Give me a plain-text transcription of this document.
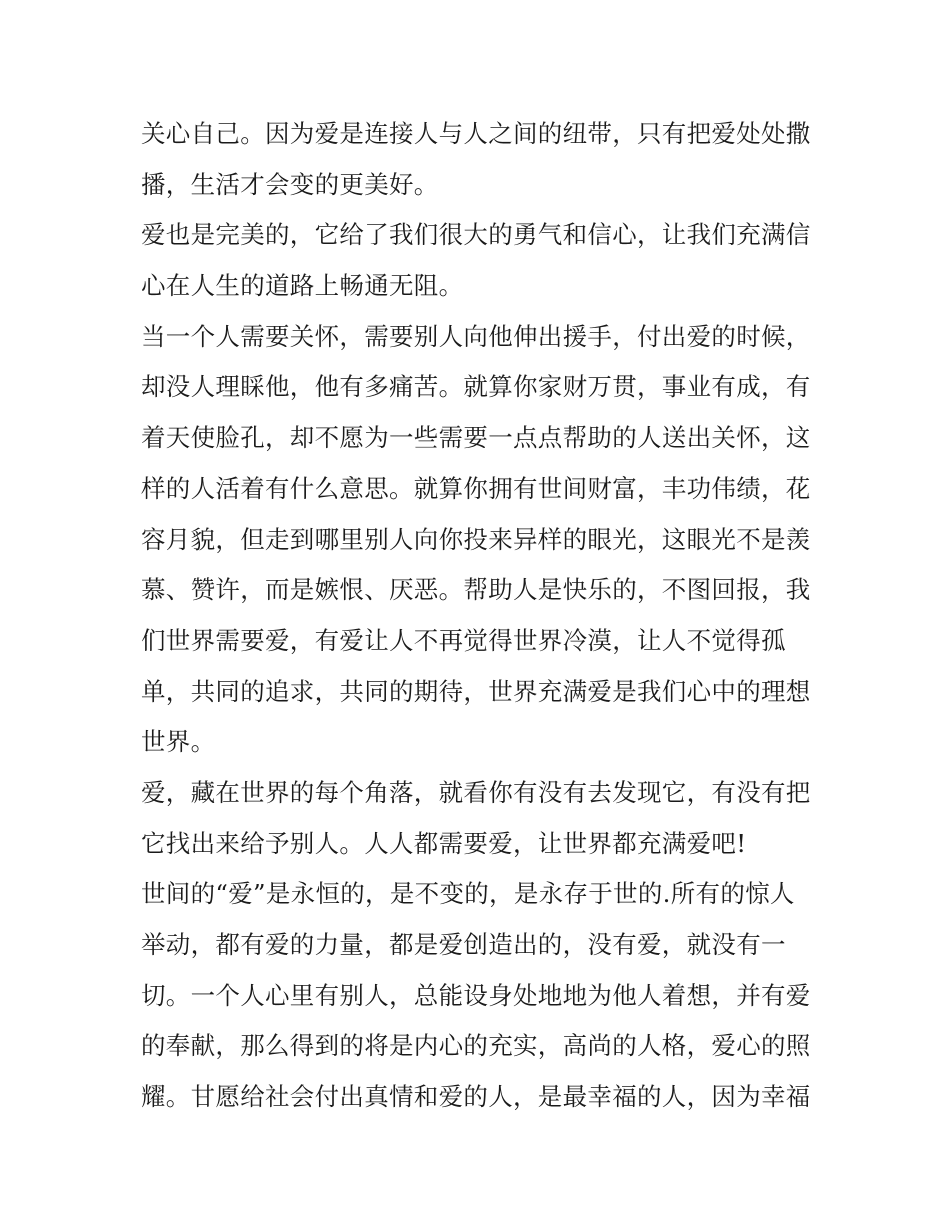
关心自己。因为爱是连接人与人之间的纽带，只有把爱处处撒
播，生活才会变的更美好。
爱也是完美的，它给了我们很大的勇气和信心，让我们充满信
心在人生的道路上畅通无阻。
当一个人需要关怀，需要别人向他伸出援手，付出爱的时候，
却没人理睬他，他有多痛苦。就算你家财万贯，事业有成，有
着天使脸孔，却不愿为一些需要一点点帮助的人送出关怀，这
样的人活着有什么意思。就算你拥有世间财富，丰功伟绩，花
容月貌，但走到哪里别人向你投来异样的眼光，这眼光不是羡
慕、赞许，而是嫉恨、厌恶。帮助人是快乐的，不图回报，我
们世界需要爱，有爱让人不再觉得世界冷漠，让人不觉得孤
单，共同的追求，共同的期待，世界充满爱是我们心中的理想
世界。
爱，藏在世界的每个角落，就看你有没有去发现它，有没有把
它找出来给予别人。人人都需要爱，让世界都充满爱吧!
世间的“爱”是永恒的，是不变的，是永存于世的.所有的惊人
举动，都有爱的力量，都是爱创造出的，没有爱，就没有一
切。一个人心里有别人，总能设身处地地为他人着想，并有爱
的奉献，那么得到的将是内心的充实，高尚的人格，爱心的照
耀。甘愿给社会付出真情和爱的人，是最幸福的人，因为幸福
